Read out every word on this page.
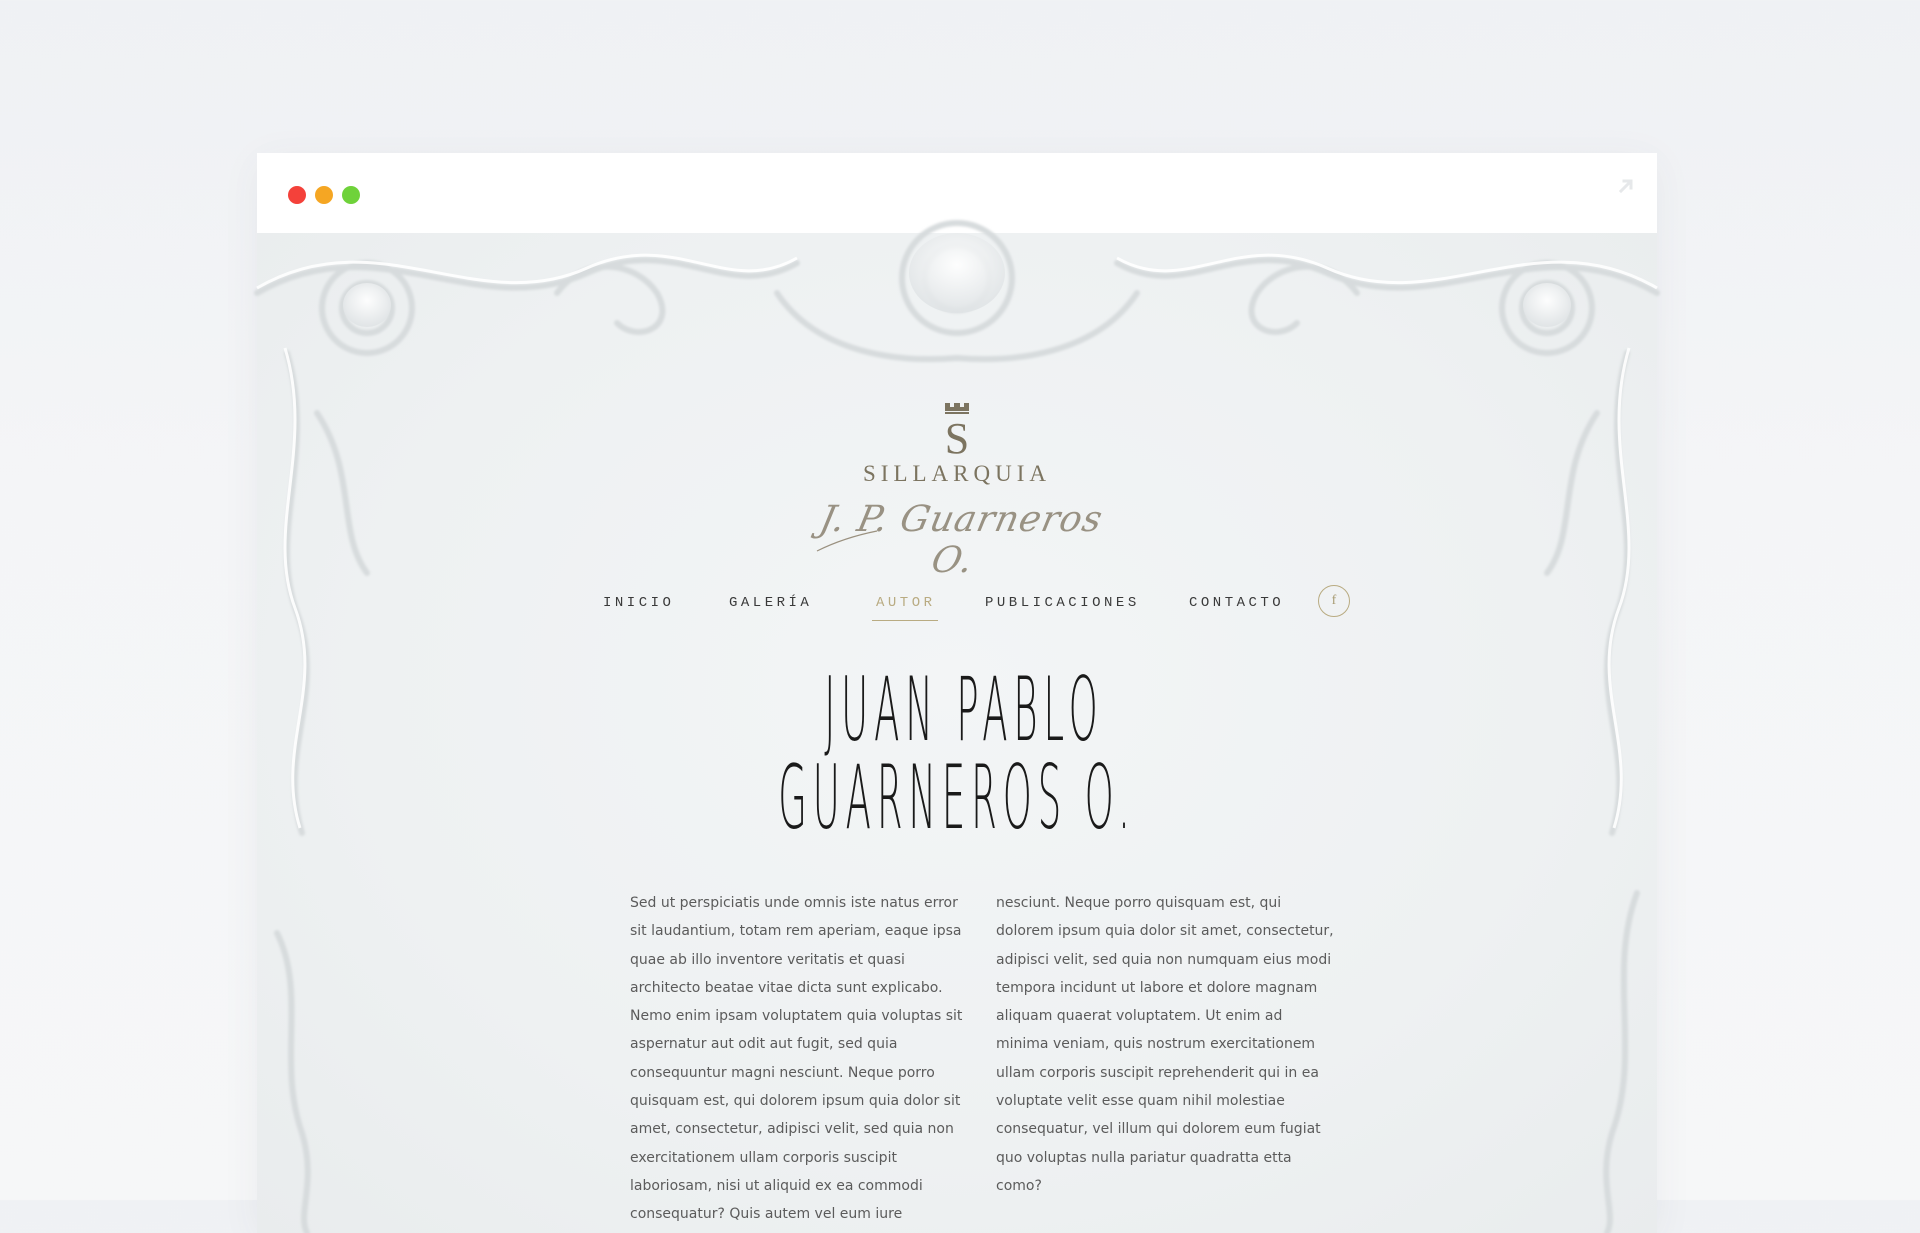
S
SILLARQUIA
J. P. Guarneros O.
INICIO	GALERÍA	AUTOR	PUBLICACIONES	CONTACTO	f
JUAN PABLO
GUARNEROS O.

Sed ut perspiciatis unde omnis iste natus error sit laudantium, totam rem aperiam, eaque ipsa quae ab illo inventore veritatis et quasi architecto beatae vitae dicta sunt explicabo. Nemo enim ipsam voluptatem quia voluptas sit aspernatur aut odit aut fugit, sed quia consequuntur magni nesciunt. Neque porro quisquam est, qui dolorem ipsum quia dolor sit amet, consectetur, adipisci velit, sed quia non exercitationem ullam corporis suscipit laboriosam, nisi ut aliquid ex ea commodi consequatur? Quis autem vel eum iure

nesciunt. Neque porro quisquam est, qui dolorem ipsum quia dolor sit amet, consectetur, adipisci velit, sed quia non numquam eius modi tempora incidunt ut labore et dolore magnam aliquam quaerat voluptatem. Ut enim ad minima veniam, quis nostrum exercitationem ullam corporis suscipit reprehenderit qui in ea voluptate velit esse quam nihil molestiae consequatur, vel illum qui dolorem eum fugiat quo voluptas nulla pariatur quadratta etta como?
